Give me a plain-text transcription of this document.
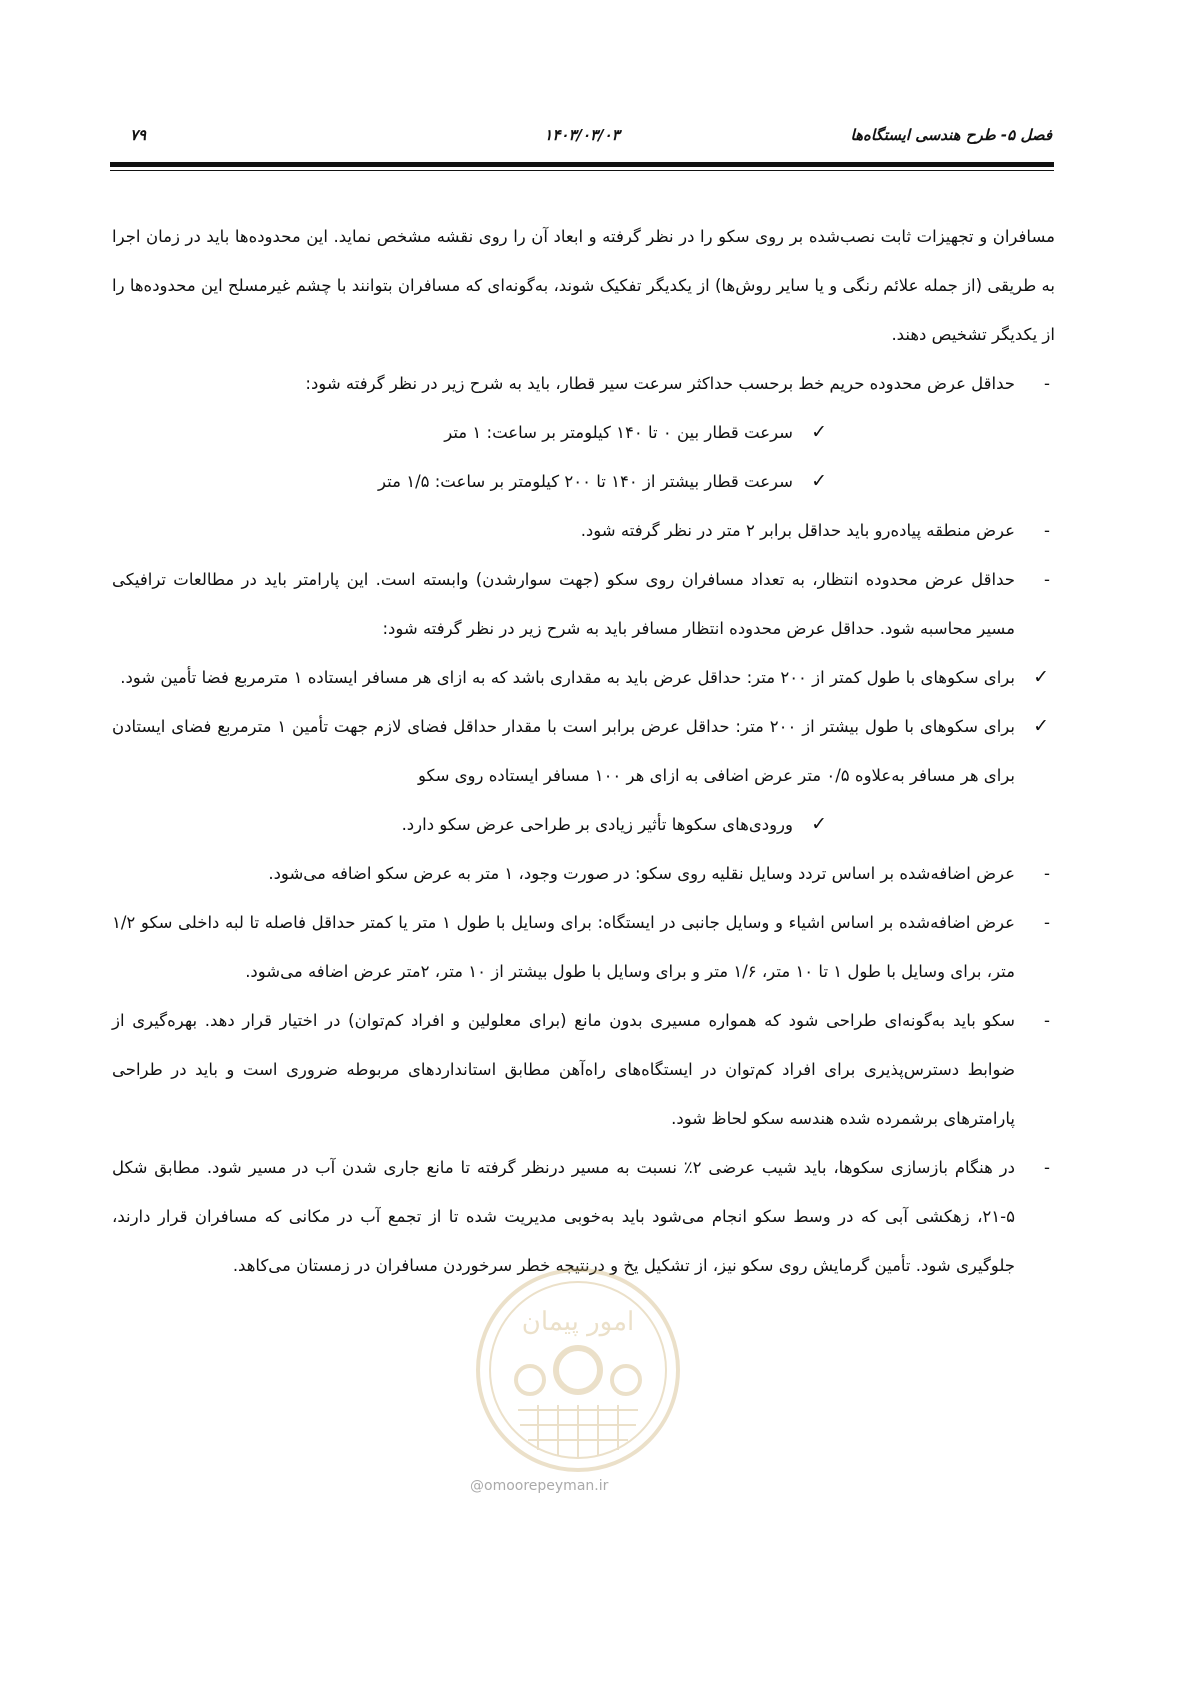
فصل ۵- طرح هندسی ایستگاه‌ها
۱۴۰۳/۰۳/۰۳
۷۹

مسافران و تجهیزات ثابت نصب‌شده بر روی سکو را در نظر گرفته و ابعاد آن را روی نقشه مشخص نماید. این محدوده‌ها باید در زمان اجرا به طریقی (از جمله علائم رنگی و یا سایر روش‌ها) از یکدیگر تفکیک شوند، به‌گونه‌ای که مسافران بتوانند با چشم غیرمسلح این محدوده‌ها را از یکدیگر تشخیص دهند.

-
حداقل عرض محدوده حریم خط برحسب حداکثر سرعت سیر قطار، باید به شرح زیر در نظر گرفته شود:
✓
سرعت قطار بین ۰ تا ۱۴۰ کیلومتر بر ساعت: ۱ متر
✓
سرعت قطار بیشتر از ۱۴۰ تا ۲۰۰ کیلومتر بر ساعت: ۱/۵ متر
-
عرض منطقه پیاده‌رو باید حداقل برابر ۲ متر در نظر گرفته شود.
-
حداقل عرض محدوده انتظار، به تعداد مسافران روی سکو (جهت سوارشدن) وابسته است. این پارامتر باید در مطالعات ترافیکی مسیر محاسبه شود. حداقل عرض محدوده انتظار مسافر باید به شرح زیر در نظر گرفته شود:
✓
برای سکوهای با طول کمتر از ۲۰۰ متر: حداقل عرض باید به مقداری باشد که به ازای هر مسافر ایستاده ۱ مترمربع فضا تأمین شود.
✓
برای سکوهای با طول بیشتر از ۲۰۰ متر: حداقل عرض برابر است با مقدار حداقل فضای لازم جهت تأمین ۱ مترمربع فضای ایستادن برای هر مسافر به‌علاوه ۰/۵ متر عرض اضافی به ازای هر ۱۰۰ مسافر ایستاده روی سکو
✓
ورودی‌های سکوها تأثیر زیادی بر طراحی عرض سکو دارد.
-
عرض اضافه‌شده بر اساس تردد وسایل نقلیه روی سکو: در صورت وجود، ۱ متر به عرض سکو اضافه می‌شود.
-
عرض اضافه‌شده بر اساس اشیاء و وسایل جانبی در ایستگاه: برای وسایل با طول ۱ متر یا کمتر حداقل فاصله تا لبه داخلی سکو ۱/۲ متر، برای وسایل با طول ۱ تا ۱۰ متر، ۱/۶ متر و برای وسایل با طول بیشتر از ۱۰ متر، ۲متر عرض اضافه می‌شود.
-
سکو باید به‌گونه‌ای طراحی شود که همواره مسیری بدون مانع (برای معلولین و افراد کم‌توان) در اختیار قرار دهد. بهره‌گیری از ضوابط دسترس‌پذیری برای افراد کم‌توان در ایستگاه‌های راه‌آهن مطابق استانداردهای مربوطه ضروری است و باید در طراحی پارامترهای برشمرده شده هندسه سکو لحاظ شود.
-
در هنگام بازسازی سکوها، باید شیب عرضی ۲٪ نسبت به مسیر درنظر گرفته تا مانع جاری شدن آب در مسیر شود. مطابق شکل ۵-۲۱، زهکشی آبی که در وسط سکو انجام می‌شود باید به‌خوبی مدیریت شده تا از تجمع آب در مکانی که مسافران قرار دارند، جلوگیری شود. تأمین گرمایش روی سکو نیز، از تشکیل یخ و درنتیجه خطر سرخوردن مسافران در زمستان می‌کاهد.
امور پیمان
@omoorepeyman.ir
